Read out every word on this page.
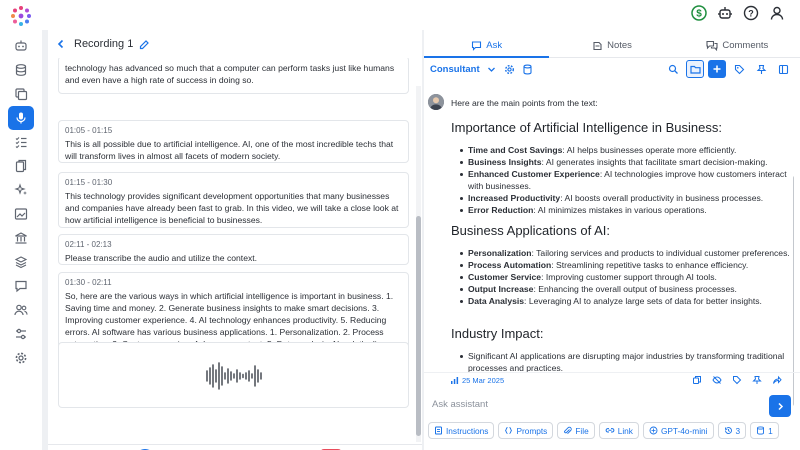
$	?
Recording 1
technology has advanced so much that a computer can perform tasks just like humans and even have a high rate of success in doing so.
01:05 - 01:15
This is all possible due to artificial intelligence. AI, one of the most incredible techs that will transform lives in almost all facets of modern society.
01:15 - 01:30
This technology provides significant development opportunities that many businesses and companies have already been fast to grab. In this video, we will take a close look at how artificial intelligence is beneficial to businesses.
02:11 - 02:13
Please transcribe the audio and utilize the context.
01:30 - 02:11
So, here are the various ways in which artificial intelligence is important in business. 1. Saving time and money. 2. Generate business insights to make smart decisions. 3. Improving customer experience. 4. AI technology enhances productivity. 5. Reducing errors. AI software has various business applications. 1. Personalization. 2. Process
Ask	Notes	Comments
Consultant
Here are the main points from the text:
Importance of Artificial Intelligence in Business:
Time and Cost Savings: AI helps businesses operate more efficiently.
Business Insights: AI generates insights that facilitate smart decision-making.
Enhanced Customer Experience: AI technologies improve how customers interact with businesses.
Increased Productivity: AI boosts overall productivity in business processes.
Error Reduction: AI minimizes mistakes in various operations.
Business Applications of AI:
Personalization: Tailoring services and products to individual customer preferences.
Process Automation: Streamlining repetitive tasks to enhance efficiency.
Customer Service: Improving customer support through AI tools.
Output Increase: Enhancing the overall output of business processes.
Data Analysis: Leveraging AI to analyze large sets of data for better insights.
Industry Impact:
Significant AI applications are disrupting major industries by transforming traditional processes and practices.
25 Mar 2025
Ask assistant
Instructions	Prompts	File	Link	GPT-4o-mini	3	1
